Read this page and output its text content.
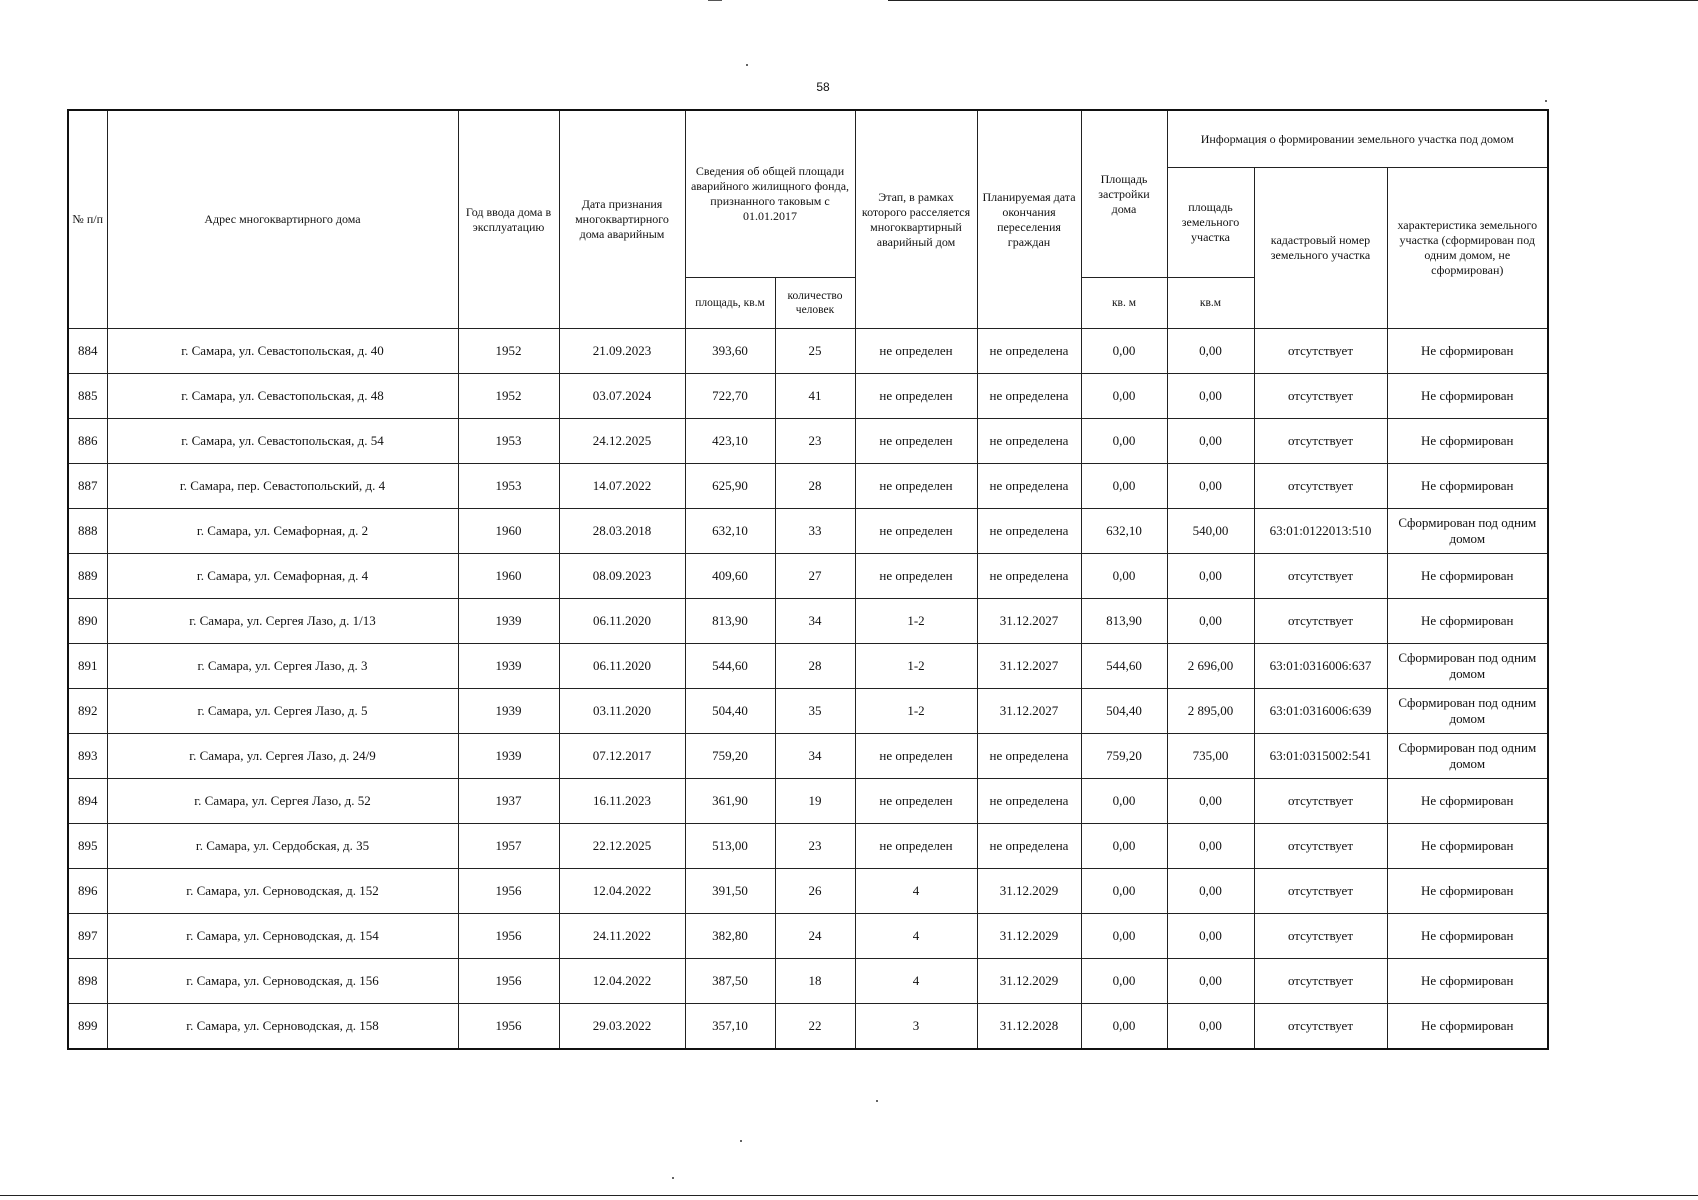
58
№ п/п	Адрес многоквартирного дома	Год ввода дома в эксплуатацию	Дата признания многоквартирного дома аварийным	Сведения об общей площади аварийного жилищного фонда, признанного таковым с 01.01.2017		Этап, в рамках которого расселяется многоквартирный аварийный дом	Планируемая дата окончания переселения граждан	Площадь застройки дома	Информация о формировании земельного участка под домом		
									площадь земельного участка	кадастровый номер земельного участка	характеристика земельного участка (сформирован под одним домом, не сформирован)
				площадь, кв.м	количество человек			кв. м	кв.м		
884	г. Самара, ул. Севастопольская, д. 40	1952	21.09.2023	393,60	25	не определен	не определена	0,00	0,00	отсутствует	Не сформирован
885	г. Самара, ул. Севастопольская, д. 48	1952	03.07.2024	722,70	41	не определен	не определена	0,00	0,00	отсутствует	Не сформирован
886	г. Самара, ул. Севастопольская, д. 54	1953	24.12.2025	423,10	23	не определен	не определена	0,00	0,00	отсутствует	Не сформирован
887	г. Самара, пер. Севастопольский, д. 4	1953	14.07.2022	625,90	28	не определен	не определена	0,00	0,00	отсутствует	Не сформирован
888	г. Самара, ул. Семафорная, д. 2	1960	28.03.2018	632,10	33	не определен	не определена	632,10	540,00	63:01:0122013:510	Сформирован под одним домом
889	г. Самара, ул. Семафорная, д. 4	1960	08.09.2023	409,60	27	не определен	не определена	0,00	0,00	отсутствует	Не сформирован
890	г. Самара, ул. Сергея Лазо, д. 1/13	1939	06.11.2020	813,90	34	1-2	31.12.2027	813,90	0,00	отсутствует	Не сформирован
891	г. Самара, ул. Сергея Лазо, д. 3	1939	06.11.2020	544,60	28	1-2	31.12.2027	544,60	2 696,00	63:01:0316006:637	Сформирован под одним домом
892	г. Самара, ул. Сергея Лазо, д. 5	1939	03.11.2020	504,40	35	1-2	31.12.2027	504,40	2 895,00	63:01:0316006:639	Сформирован под одним домом
893	г. Самара, ул. Сергея Лазо, д. 24/9	1939	07.12.2017	759,20	34	не определен	не определена	759,20	735,00	63:01:0315002:541	Сформирован под одним домом
894	г. Самара, ул. Сергея Лазо, д. 52	1937	16.11.2023	361,90	19	не определен	не определена	0,00	0,00	отсутствует	Не сформирован
895	г. Самара, ул. Сердобская, д. 35	1957	22.12.2025	513,00	23	не определен	не определена	0,00	0,00	отсутствует	Не сформирован
896	г. Самара, ул. Серноводская, д. 152	1956	12.04.2022	391,50	26	4	31.12.2029	0,00	0,00	отсутствует	Не сформирован
897	г. Самара, ул. Серноводская, д. 154	1956	24.11.2022	382,80	24	4	31.12.2029	0,00	0,00	отсутствует	Не сформирован
898	г. Самара, ул. Серноводская, д. 156	1956	12.04.2022	387,50	18	4	31.12.2029	0,00	0,00	отсутствует	Не сформирован
899	г. Самара, ул. Серноводская, д. 158	1956	29.03.2022	357,10	22	3	31.12.2028	0,00	0,00	отсутствует	Не сформирован
